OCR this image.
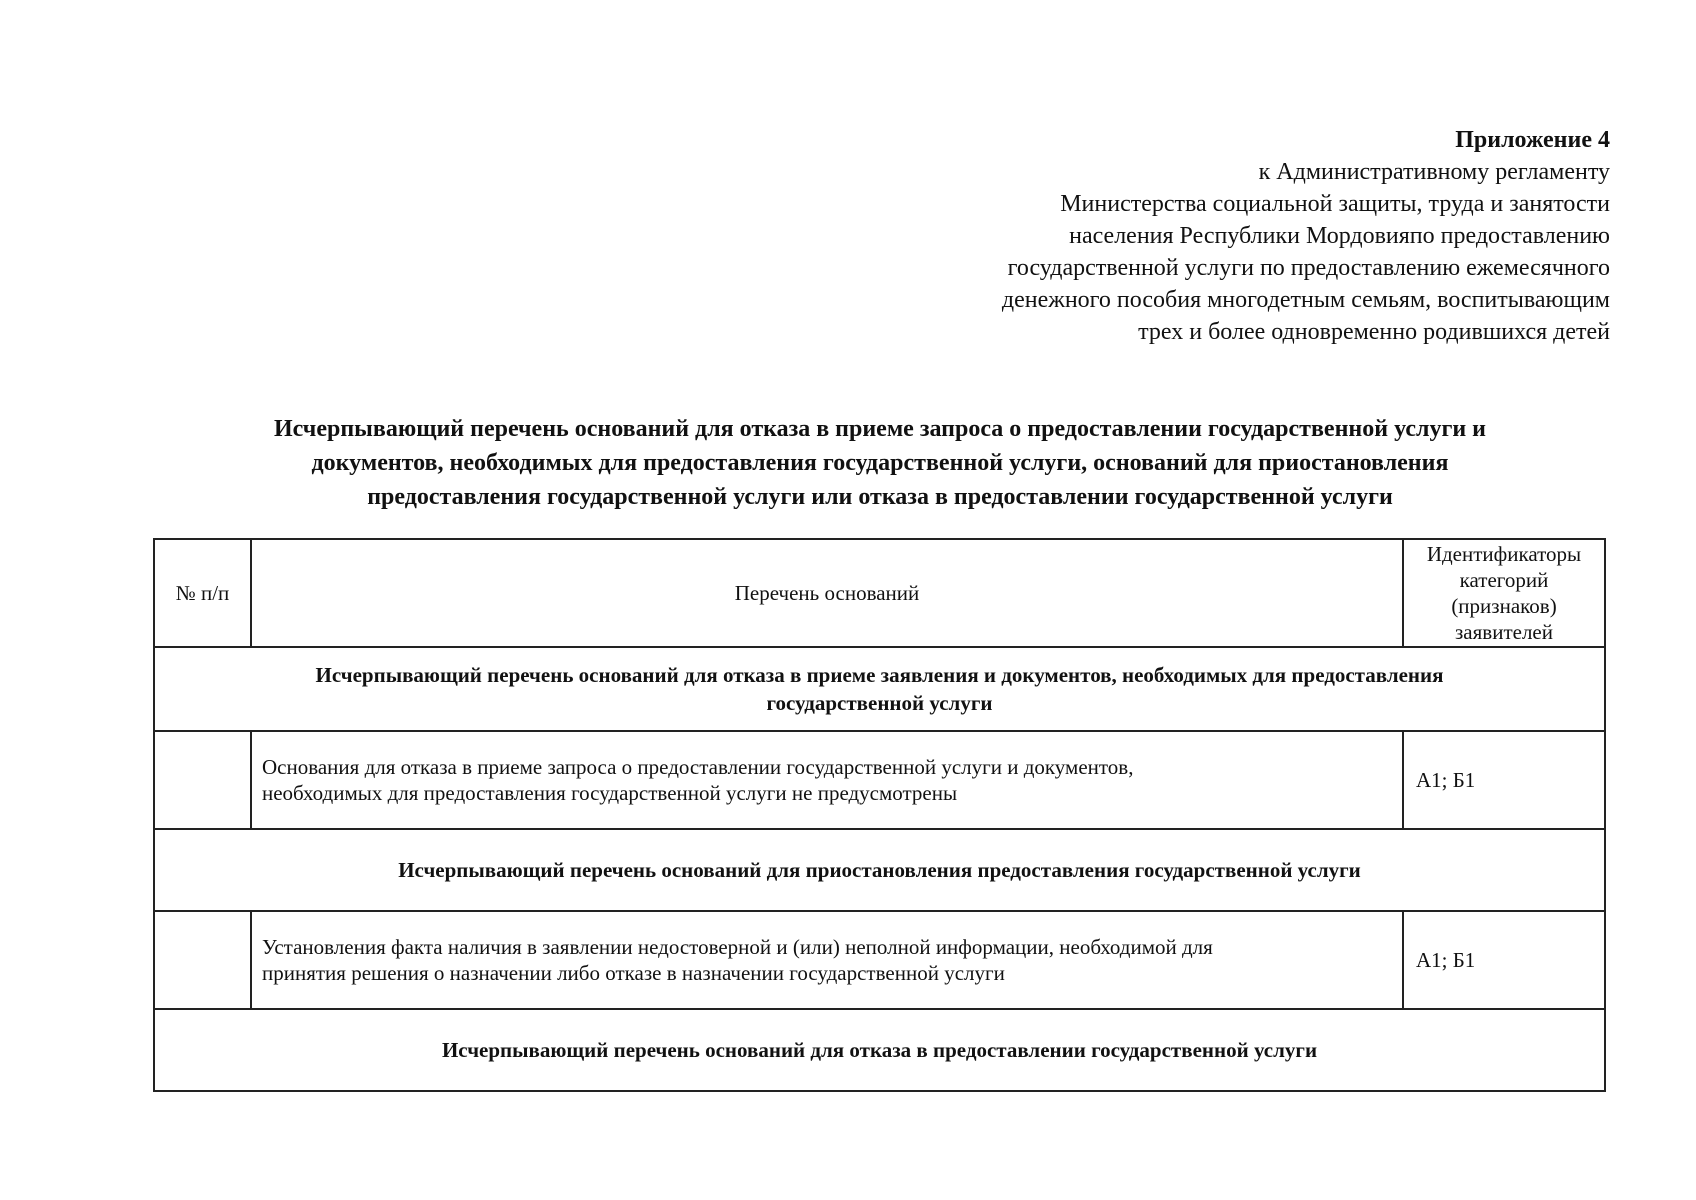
Приложение 4

к Административному регламенту

Министерства социальной защиты, труда и занятости

населения Республики Мордовияпо предоставлению

государственной услуги по предоставлению ежемесячного

денежного пособия многодетным семьям, воспитывающим

трех и более одновременно родившихся детей

Исчерпывающий перечень оснований для отказа в приеме запроса о предоставлении государственной услуги и
документов, необходимых для предоставления государственной услуги, оснований для приостановления
предоставления государственной услуги или отказа в предоставлении государственной услуги
№ п/п	Перечень оснований
Идентификаторы
категорий
(признаков)
заявителей
Исчерпывающий перечень оснований для отказа в приеме заявления и документов, необходимых для предоставления
государственной услуги
Основания для отказа в приеме запроса о предоставлении государственной услуги и документов,
необходимых для предоставления государственной услуги не предусмотрены
А1; Б1
Исчерпывающий перечень оснований для приостановления предоставления государственной услуги
Установления факта наличия в заявлении недостоверной и (или) неполной информации, необходимой для
принятия решения о назначении либо отказе в назначении государственной услуги
А1; Б1
Исчерпывающий перечень оснований для отказа в предоставлении государственной услуги
